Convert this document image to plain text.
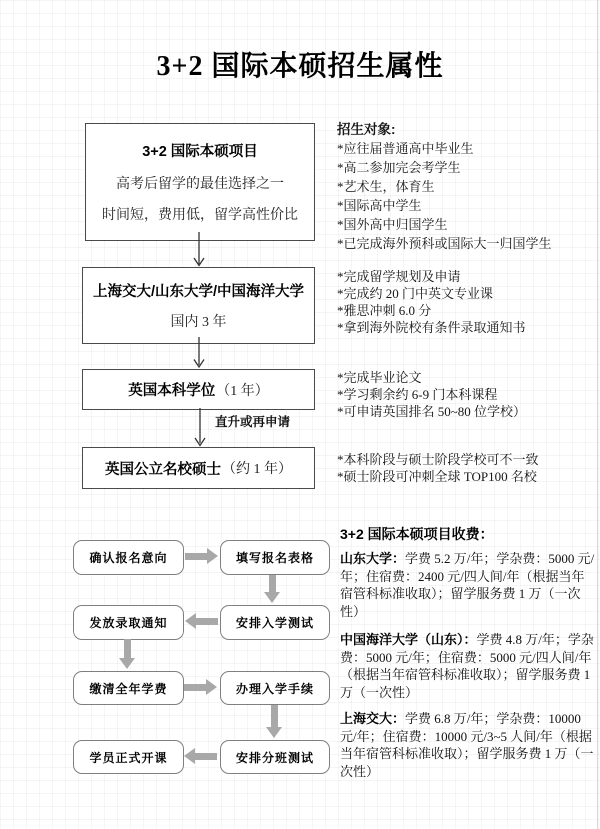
3+2 国际本硕招生属性
3+2 国际本硕项目
高考后留学的最佳选择之一
时间短，费用低，留学高性价比
上海交大/山东大学/中国海洋大学
国内 3 年
英国本科学位 （1 年）
英国公立名校硕士 （约 1 年）
直升或再申请
招生对象:
*应往届普通高中毕业生
*高二参加完会考学生
*艺术生，体育生
*国际高中学生
*国外高中归国学生
*已完成海外预科或国际大一归国学生
*完成留学规划及申请
*完成约 20 门中英文专业课
*雅思冲刺 6.0 分
*拿到海外院校有条件录取通知书
*完成毕业论文
*学习剩余约 6-9 门本科课程
*可申请英国排名 50~80 位学校）
*本科阶段与硕士阶段学校可不一致
*硕士阶段可冲刺全球 TOP100 名校
确认报名意向	填写报名表格
安排入学测试
发放录取通知
缴清全年学费	办理入学手续
安排分班测试
学员正式开课
3+2 国际本硕项目收费：
山东大学：学费 5.2 万/年；学杂费：5000 元/年；住宿费：2400 元/四人间/年（根据当年宿管科标准收取）；留学服务费 1 万（一次性）
中国海洋大学（山东）：学费 4.8 万/年；学杂费：5000 元/年；住宿费：5000 元/四人间/年（根据当年宿管科标准收取）；留学服务费 1 万（一次性）
上海交大：学费 6.8 万/年；学杂费：10000 元/年；住宿费：10000 元/3~5 人间/年（根据当年宿管科标准收取）；留学服务费 1 万（一次性）
